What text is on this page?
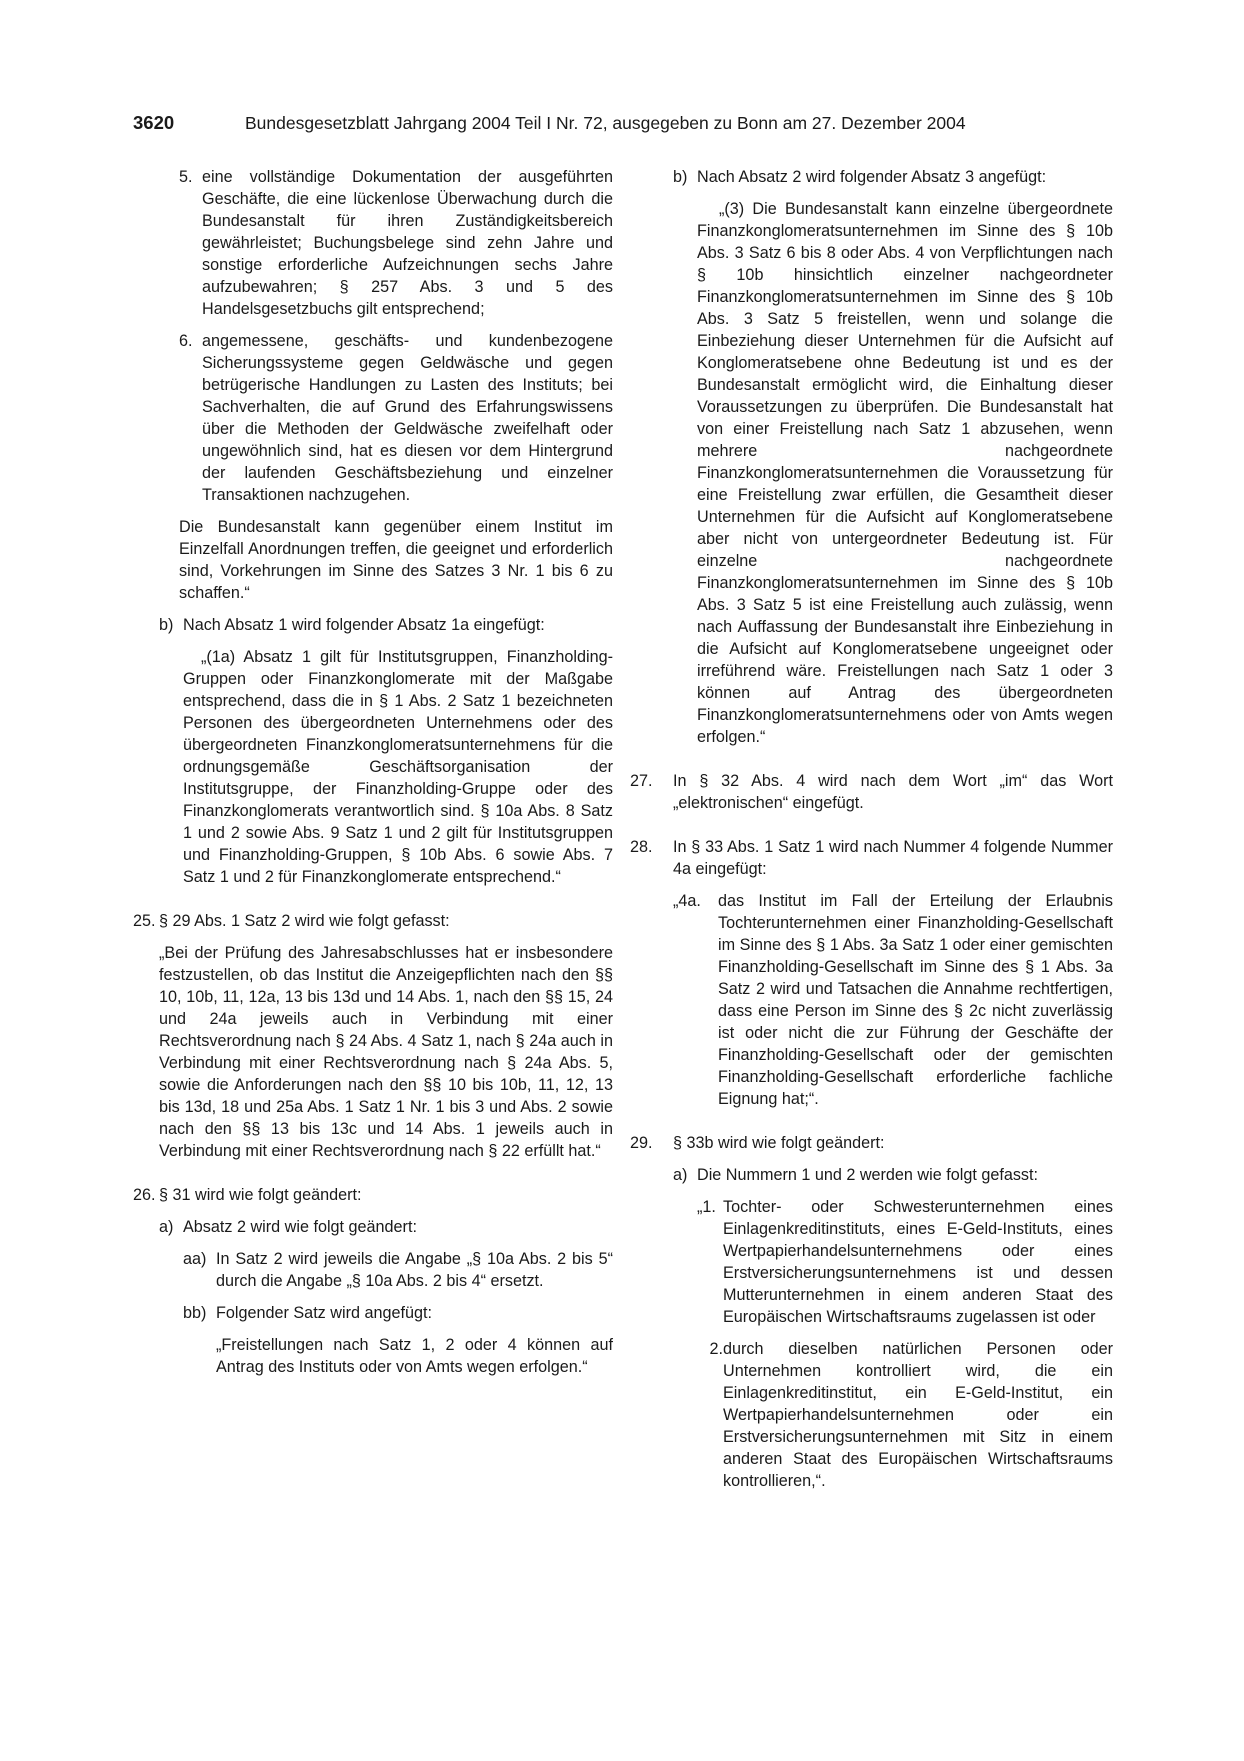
3620	Bundesgesetzblatt Jahrgang 2004 Teil I Nr. 72, ausgegeben zu Bonn am 27. Dezember 2004
5. eine vollständige Dokumentation der ausgeführten Geschäfte, die eine lückenlose Überwachung durch die Bundesanstalt für ihren Zuständigkeitsbereich gewährleistet; Buchungsbelege sind zehn Jahre und sonstige erforderliche Aufzeichnungen sechs Jahre aufzubewahren; § 257 Abs. 3 und 5 des Handelsgesetzbuchs gilt entsprechend;
6. angemessene, geschäfts- und kundenbezogene Sicherungssysteme gegen Geldwäsche und gegen betrügerische Handlungen zu Lasten des Instituts; bei Sachverhalten, die auf Grund des Erfahrungswissens über die Methoden der Geldwäsche zweifelhaft oder ungewöhnlich sind, hat es diesen vor dem Hintergrund der laufenden Geschäftsbeziehung und einzelner Transaktionen nachzugehen.
Die Bundesanstalt kann gegenüber einem Institut im Einzelfall Anordnungen treffen, die geeignet und erforderlich sind, Vorkehrungen im Sinne des Satzes 3 Nr. 1 bis 6 zu schaffen.“
b) Nach Absatz 1 wird folgender Absatz 1a eingefügt:
„(1a) Absatz 1 gilt für Institutsgruppen, Finanzholding-Gruppen oder Finanzkonglomerate mit der Maßgabe entsprechend, dass die in § 1 Abs. 2 Satz 1 bezeichneten Personen des übergeordneten Unternehmens oder des übergeordneten Finanzkonglomeratsunternehmens für die ordnungsgemäße Geschäftsorganisation der Institutsgruppe, der Finanzholding-Gruppe oder des Finanzkonglomerats verantwortlich sind. § 10a Abs. 8 Satz 1 und 2 sowie Abs. 9 Satz 1 und 2 gilt für Institutsgruppen und Finanzholding-Gruppen, § 10b Abs. 6 sowie Abs. 7 Satz 1 und 2 für Finanzkonglomerate entsprechend.“
25. § 29 Abs. 1 Satz 2 wird wie folgt gefasst:
„Bei der Prüfung des Jahresabschlusses hat er insbesondere festzustellen, ob das Institut die Anzeigepflichten nach den §§ 10, 10b, 11, 12a, 13 bis 13d und 14 Abs. 1, nach den §§ 15, 24 und 24a jeweils auch in Verbindung mit einer Rechtsverordnung nach § 24 Abs. 4 Satz 1, nach § 24a auch in Verbindung mit einer Rechtsverordnung nach § 24a Abs. 5, sowie die Anforderungen nach den §§ 10 bis 10b, 11, 12, 13 bis 13d, 18 und 25a Abs. 1 Satz 1 Nr. 1 bis 3 und Abs. 2 sowie nach den §§ 13 bis 13c und 14 Abs. 1 jeweils auch in Verbindung mit einer Rechtsverordnung nach § 22 erfüllt hat.“
26. § 31 wird wie folgt geändert:
a) Absatz 2 wird wie folgt geändert:
aa) In Satz 2 wird jeweils die Angabe „§ 10a Abs. 2 bis 5“ durch die Angabe „§ 10a Abs. 2 bis 4“ ersetzt.
bb) Folgender Satz wird angefügt:
„Freistellungen nach Satz 1, 2 oder 4 können auf Antrag des Instituts oder von Amts wegen erfolgen.“
b) Nach Absatz 2 wird folgender Absatz 3 angefügt:
„(3) Die Bundesanstalt kann einzelne übergeordnete Finanzkonglomeratsunternehmen im Sinne des § 10b Abs. 3 Satz 6 bis 8 oder Abs. 4 von Verpflichtungen nach § 10b hinsichtlich einzelner nachgeordneter Finanzkonglomeratsunternehmen im Sinne des § 10b Abs. 3 Satz 5 freistellen, wenn und solange die Einbeziehung dieser Unternehmen für die Aufsicht auf Konglomeratsebene ohne Bedeutung ist und es der Bundesanstalt ermöglicht wird, die Einhaltung dieser Voraussetzungen zu überprüfen. Die Bundesanstalt hat von einer Freistellung nach Satz 1 abzusehen, wenn mehrere nachgeordnete Finanzkonglomeratsunternehmen die Voraussetzung für eine Freistellung zwar erfüllen, die Gesamtheit dieser Unternehmen für die Aufsicht auf Konglomeratsebene aber nicht von untergeordneter Bedeutung ist. Für einzelne nachgeordnete Finanzkonglomeratsunternehmen im Sinne des § 10b Abs. 3 Satz 5 ist eine Freistellung auch zulässig, wenn nach Auffassung der Bundesanstalt ihre Einbeziehung in die Aufsicht auf Konglomeratsebene ungeeignet oder irreführend wäre. Freistellungen nach Satz 1 oder 3 können auf Antrag des übergeordneten Finanzkonglomeratsunternehmens oder von Amts wegen erfolgen.“
27.	In § 32 Abs. 4 wird nach dem Wort „im“ das Wort „elektronischen“ eingefügt.
28.	In § 33 Abs. 1 Satz 1 wird nach Nummer 4 folgende Nummer 4a eingefügt:
„4a.	das Institut im Fall der Erteilung der Erlaubnis Tochterunternehmen einer Finanzholding-Gesellschaft im Sinne des § 1 Abs. 3a Satz 1 oder einer gemischten Finanzholding-Gesellschaft im Sinne des § 1 Abs. 3a Satz 2 wird und Tatsachen die Annahme rechtfertigen, dass eine Person im Sinne des § 2c nicht zuverlässig ist oder nicht die zur Führung der Geschäfte der Finanzholding-Gesellschaft oder der gemischten Finanzholding-Gesellschaft erforderliche fachliche Eignung hat;“.
29.	§ 33b wird wie folgt geändert:
a) Die Nummern 1 und 2 werden wie folgt gefasst:
„1. Tochter- oder Schwesterunternehmen eines Einlagenkreditinstituts, eines E-Geld-Instituts, eines Wertpapierhandelsunternehmens oder eines Erstversicherungsunternehmens ist und dessen Mutterunternehmen in einem anderen Staat des Europäischen Wirtschaftsraums zugelassen ist oder
2. durch dieselben natürlichen Personen oder Unternehmen kontrolliert wird, die ein Einlagenkreditinstitut, ein E-Geld-Institut, ein Wertpapierhandelsunternehmen oder ein Erstversicherungsunternehmen mit Sitz in einem anderen Staat des Europäischen Wirtschaftsraums kontrollieren,“.
